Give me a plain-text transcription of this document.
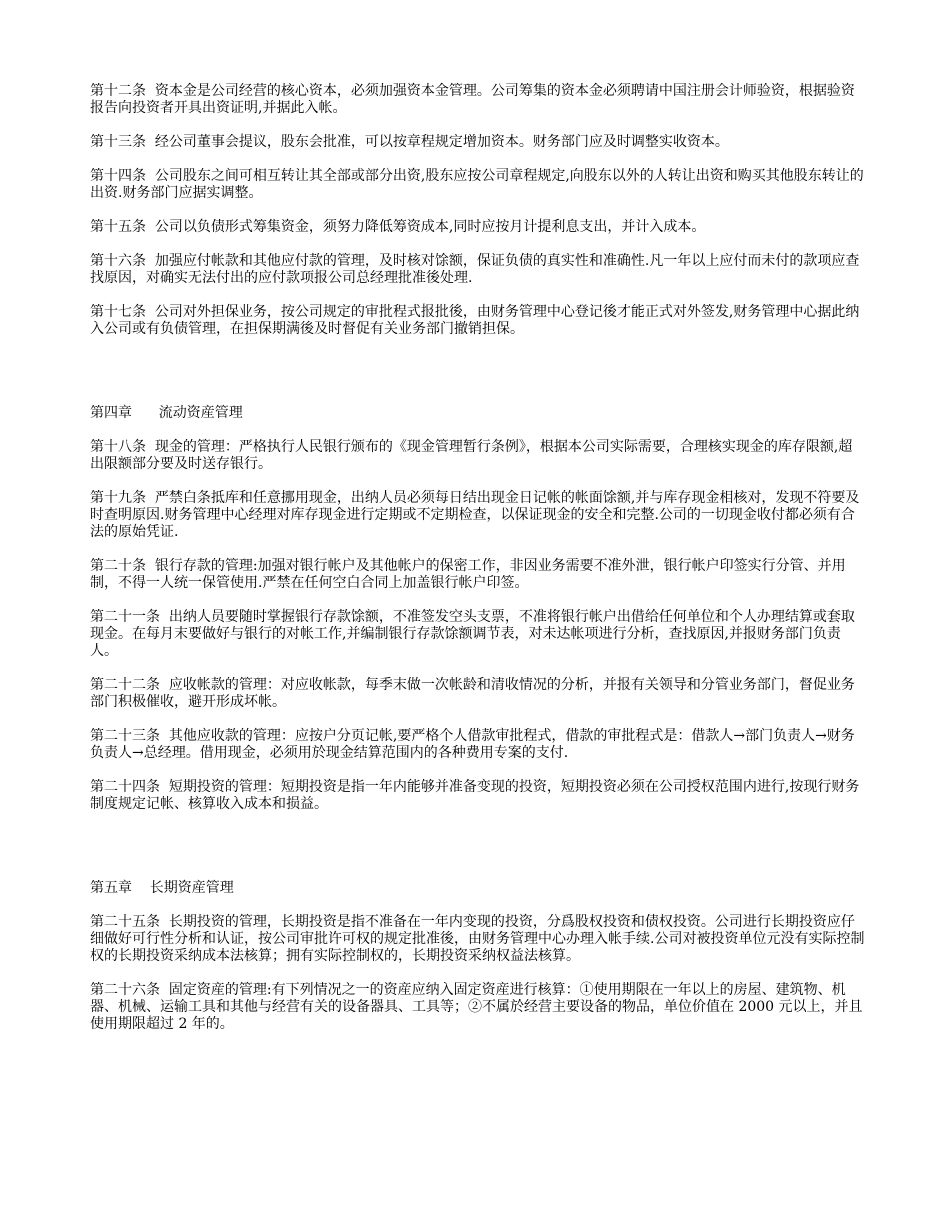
第十二条  资本金是公司经营的核心资本，必须加强资本金管理。公司筹集的资本金必须聘请中国注册会计师验资，根据验资报告向投资者开具出资证明,并据此入帐。

第十三条  经公司董事会提议，股东会批准，可以按章程规定增加资本。财务部门应及时调整实收资本。

第十四条  公司股东之间可相互转让其全部或部分出资,股东应按公司章程规定,向股东以外的人转让出资和购买其他股东转让的出资.财务部门应据实调整。

第十五条  公司以负债形式筹集资金，须努力降低筹资成本,同时应按月计提利息支出，并计入成本。

第十六条  加强应付帐款和其他应付款的管理，及时核对馀额，保证负债的真实性和准确性.凡一年以上应付而未付的款项应查找原因，对确实无法付出的应付款项报公司总经理批准後处理.

第十七条  公司对外担保业务，按公司规定的审批程式报批後，由财务管理中心登记後才能正式对外签发,财务管理中心据此纳入公司或有负债管理，在担保期满後及时督促有关业务部门撤销担保。

第四章      流动资産管理

第十八条  现金的管理：严格执行人民银行颁布的《现金管理暂行条例》，根据本公司实际需要，合理核实现金的库存限额,超出限额部分要及时送存银行。

第十九条  严禁白条抵库和任意挪用现金，出纳人员必须每日结出现金日记帐的帐面馀额,并与库存现金相核对，发现不符要及时查明原因.财务管理中心经理对库存现金进行定期或不定期检查，以保证现金的安全和完整.公司的一切现金收付都必须有合法的原始凭证.

第二十条  银行存款的管理:加强对银行帐户及其他帐户的保密工作，非因业务需要不准外泄，银行帐户印签实行分管、并用制，不得一人统一保管使用.严禁在任何空白合同上加盖银行帐户印签。

第二十一条  出纳人员要随时掌握银行存款馀额，不准签发空头支票，不准将银行帐户出借给任何单位和个人办理结算或套取现金。在每月末要做好与银行的对帐工作,并编制银行存款馀额调节表，对未达帐项进行分析，查找原因,并报财务部门负责人。

第二十二条  应收帐款的管理：对应收帐款，每季末做一次帐龄和清收情况的分析，并报有关领导和分管业务部门，督促业务部门积极催收，避开形成坏帐。

第二十三条  其他应收款的管理：应按户分页记帐,要严格个人借款审批程式，借款的审批程式是：借款人→部门负责人→财务负责人→总经理。借用现金，必须用於现金结算范围内的各种费用专案的支付.

第二十四条  短期投资的管理：短期投资是指一年内能够并准备变现的投资，短期投资必须在公司授权范围内进行,按现行财务制度规定记帐、核算收入成本和损益。

第五章    长期资産管理

第二十五条  长期投资的管理，长期投资是指不准备在一年内变现的投资，分爲股权投资和债权投资。公司进行长期投资应仔细做好可行性分析和认证，按公司审批许可权的规定批准後，由财务管理中心办理入帐手续.公司对被投资单位元没有实际控制权的长期投资采纳成本法核算；拥有实际控制权的，长期投资采纳权益法核算。

第二十六条  固定资産的管理:有下列情况之一的资産应纳入固定资産进行核算：①使用期限在一年以上的房屋、建筑物、机器、机械、运输工具和其他与经营有关的设备器具、工具等；②不属於经营主要设备的物品，单位价值在 2000 元以上，并且使用期限超过 2 年的。
